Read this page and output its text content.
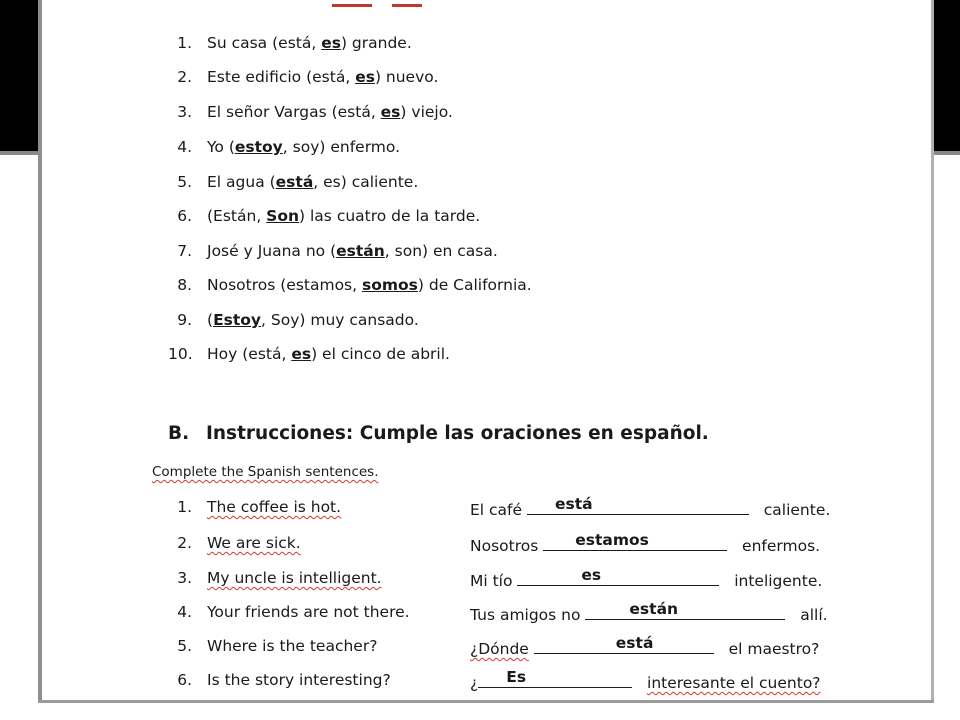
1. Su casa (está, es) grande.
2. Este edificio (está, es) nuevo.
3. El señor Vargas (está, es) viejo.
4. Yo (estoy, soy) enfermo.
5. El agua (está, es) caliente.
6. (Están, Son) las cuatro de la tarde.
7. José y Juana no (están, son) en casa.
8. Nosotros (estamos, somos) de California.
9. (Estoy, Soy) muy cansado.
10. Hoy (está, es) el cinco de abril.
B. Instrucciones: Cumple las oraciones en español.
Complete the Spanish sentences.
1. The coffee is hot.	El café está	caliente.
2. We are sick.	Nosotros estamos	enfermos.
3. My uncle is intelligent.	Mi tío	es	inteligente.
4. Your friends are not there.	Tus amigos no	están	allí.
5. Where is the teacher?	¿Dónde	está	el maestro?
6. Is the story interesting?	¿ Es	interesante el cuento?
